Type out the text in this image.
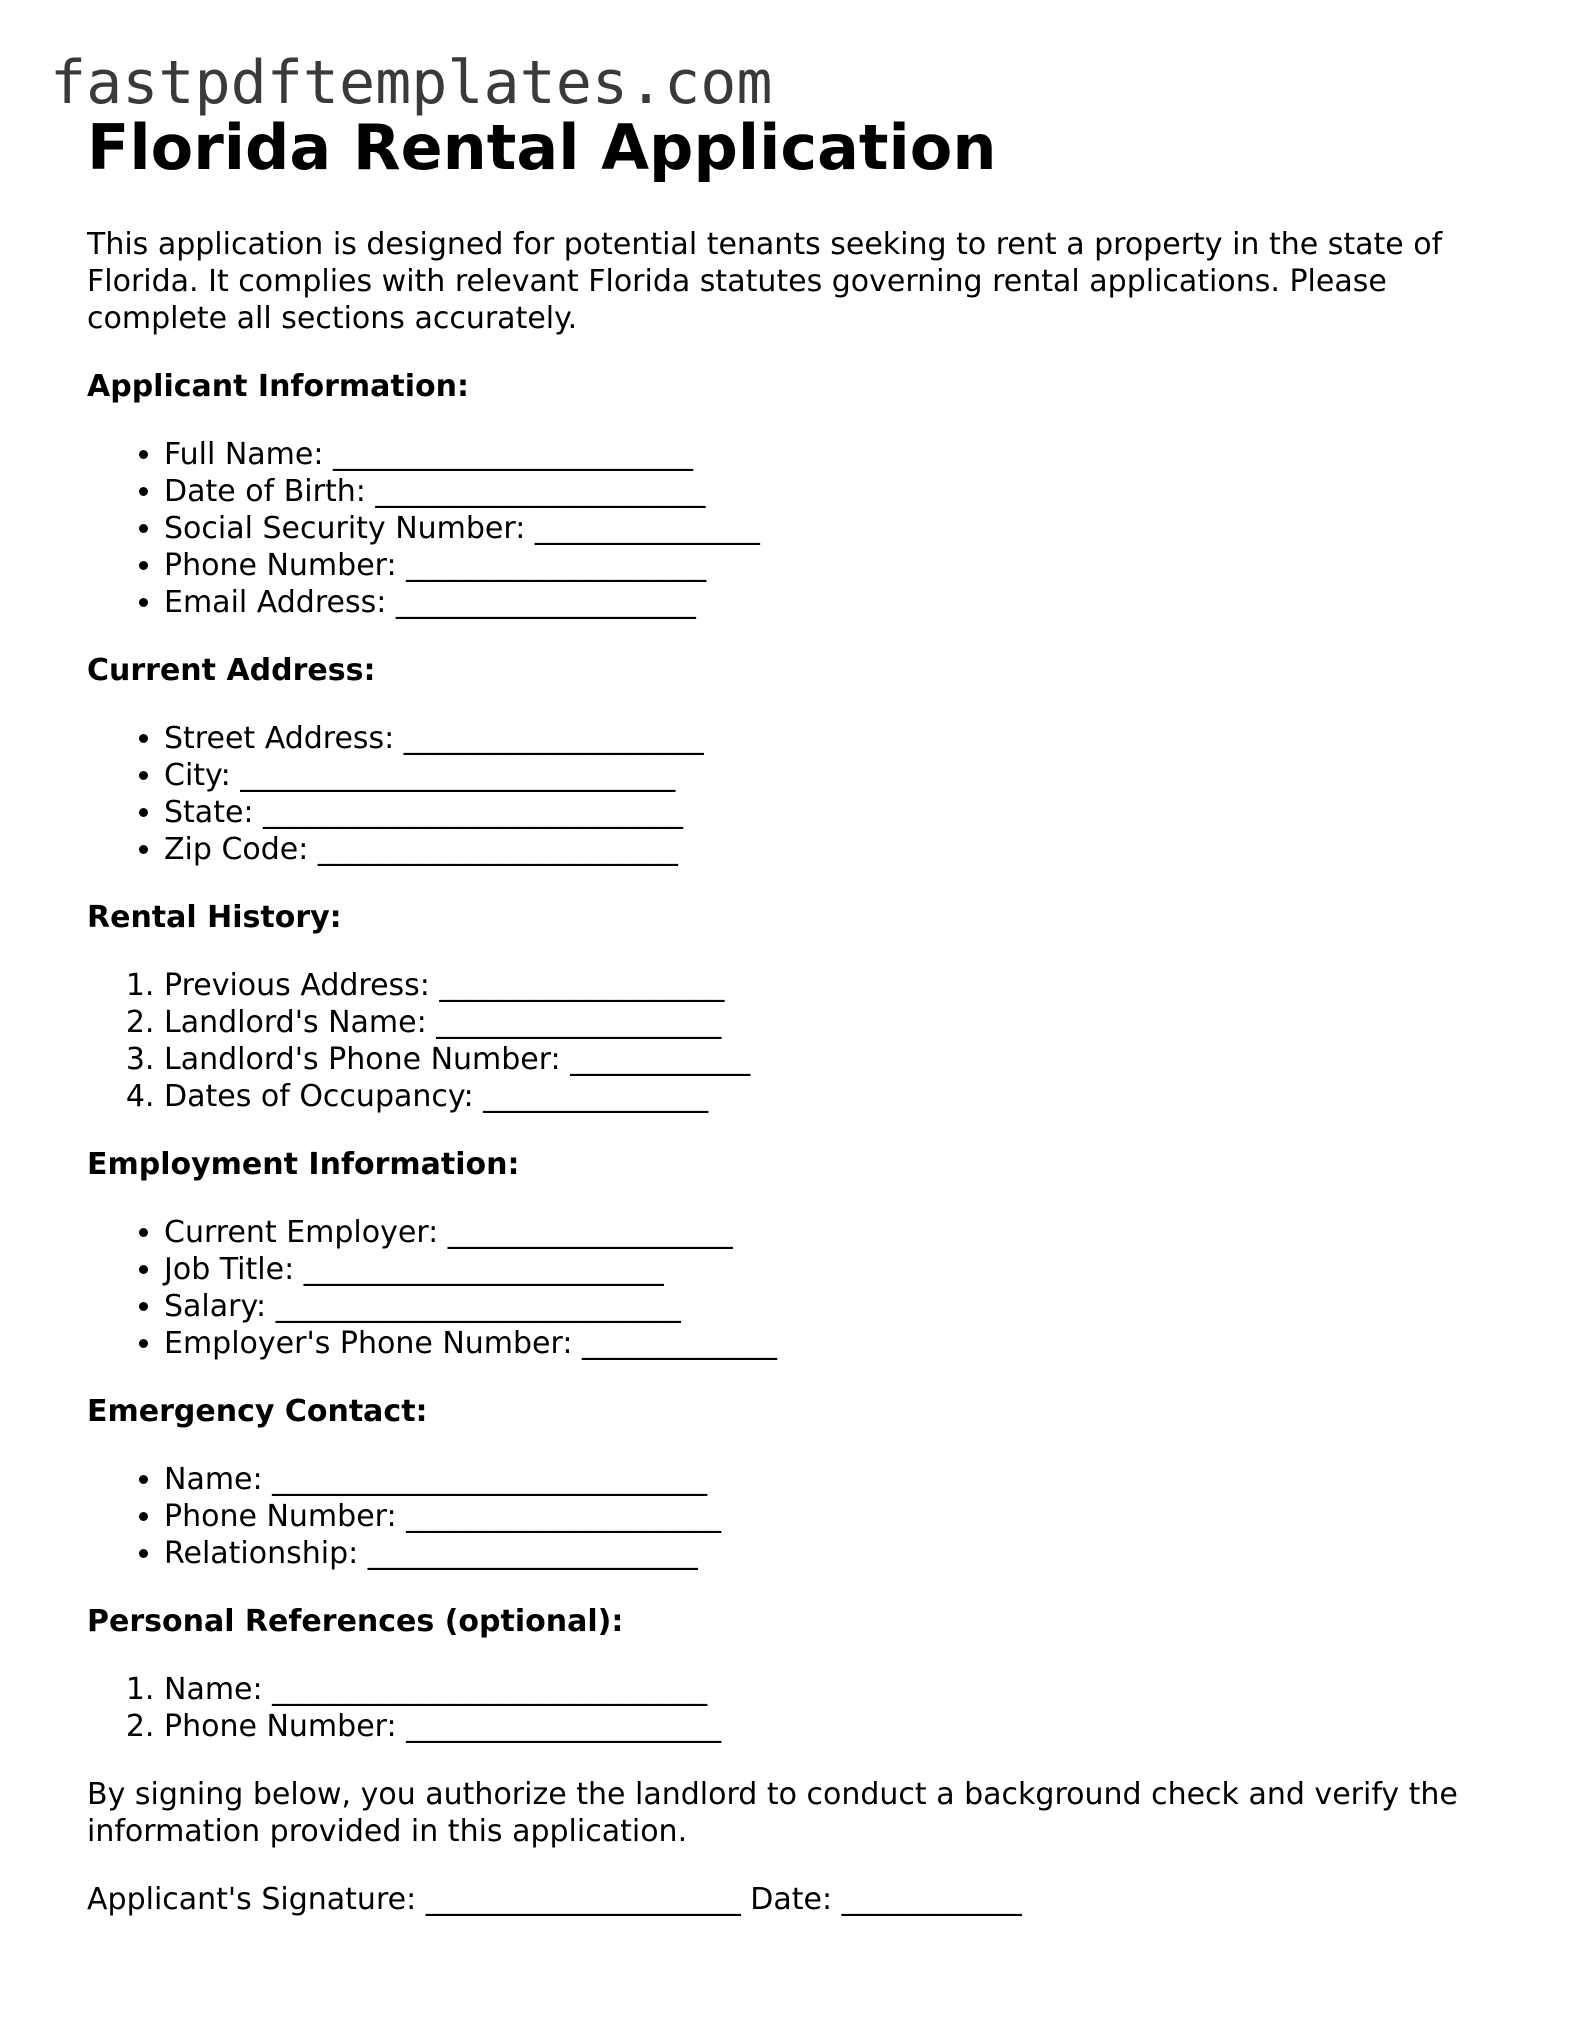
fastpdftemplates.com
Florida Rental Application

This application is designed for potential tenants seeking to rent a property in the state of Florida. It complies with relevant Florida statutes governing rental applications. Please complete all sections accurately.

Applicant Information:
• Full Name: ________________________
• Date of Birth: ______________________
• Social Security Number: _______________
• Phone Number: ____________________
• Email Address: ____________________
Current Address:
• Street Address: ____________________
• City: _____________________________
• State: ____________________________
• Zip Code: ________________________
Rental History:
1. Previous Address: ___________________
2. Landlord's Name: ___________________
3. Landlord's Phone Number: ____________
4. Dates of Occupancy: _______________
Employment Information:
• Current Employer: ___________________
• Job Title: ________________________
• Salary: ___________________________
• Employer's Phone Number: _____________
Emergency Contact:
• Name: _____________________________
• Phone Number: _____________________
• Relationship: ______________________
Personal References (optional):
1. Name: _____________________________
2. Phone Number: _____________________

By signing below, you authorize the landlord to conduct a background check and verify the information provided in this application.

Applicant's Signature: _____________________ Date: ____________
